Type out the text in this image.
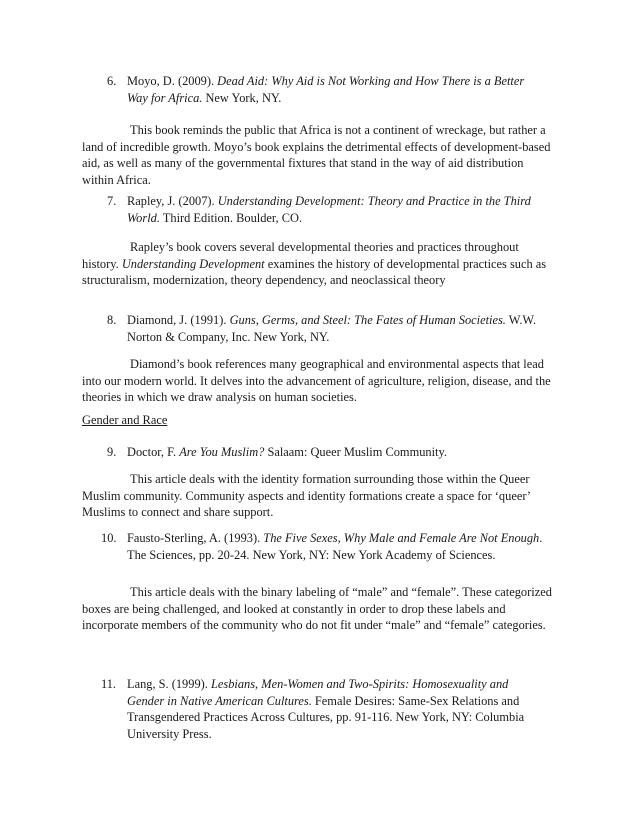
6. Moyo, D. (2009). Dead Aid: Why Aid is Not Working and How There is a Better Way for Africa. New York, NY.
This book reminds the public that Africa is not a continent of wreckage, but rather a land of incredible growth. Moyo’s book explains the detrimental effects of development-based aid, as well as many of the governmental fixtures that stand in the way of aid distribution within Africa.
7. Rapley, J. (2007). Understanding Development: Theory and Practice in the Third World. Third Edition. Boulder, CO.
Rapley’s book covers several developmental theories and practices throughout history. Understanding Development examines the history of developmental practices such as structuralism, modernization, theory dependency, and neoclassical theory
8. Diamond, J. (1991). Guns, Germs, and Steel: The Fates of Human Societies. W.W. Norton & Company, Inc. New York, NY.
Diamond’s book references many geographical and environmental aspects that lead into our modern world. It delves into the advancement of agriculture, religion, disease, and the theories in which we draw analysis on human societies.
Gender and Race
9. Doctor, F. Are You Muslim? Salaam: Queer Muslim Community.
This article deals with the identity formation surrounding those within the Queer Muslim community. Community aspects and identity formations create a space for ‘queer’ Muslims to connect and share support.
10. Fausto-Sterling, A. (1993). The Five Sexes, Why Male and Female Are Not Enough. The Sciences, pp. 20-24. New York, NY: New York Academy of Sciences.
This article deals with the binary labeling of “male” and “female”. These categorized boxes are being challenged, and looked at constantly in order to drop these labels and incorporate members of the community who do not fit under “male” and “female” categories.
11. Lang, S. (1999). Lesbians, Men-Women and Two-Spirits: Homosexuality and Gender in Native American Cultures. Female Desires: Same-Sex Relations and Transgendered Practices Across Cultures, pp. 91-116. New York, NY: Columbia University Press.
